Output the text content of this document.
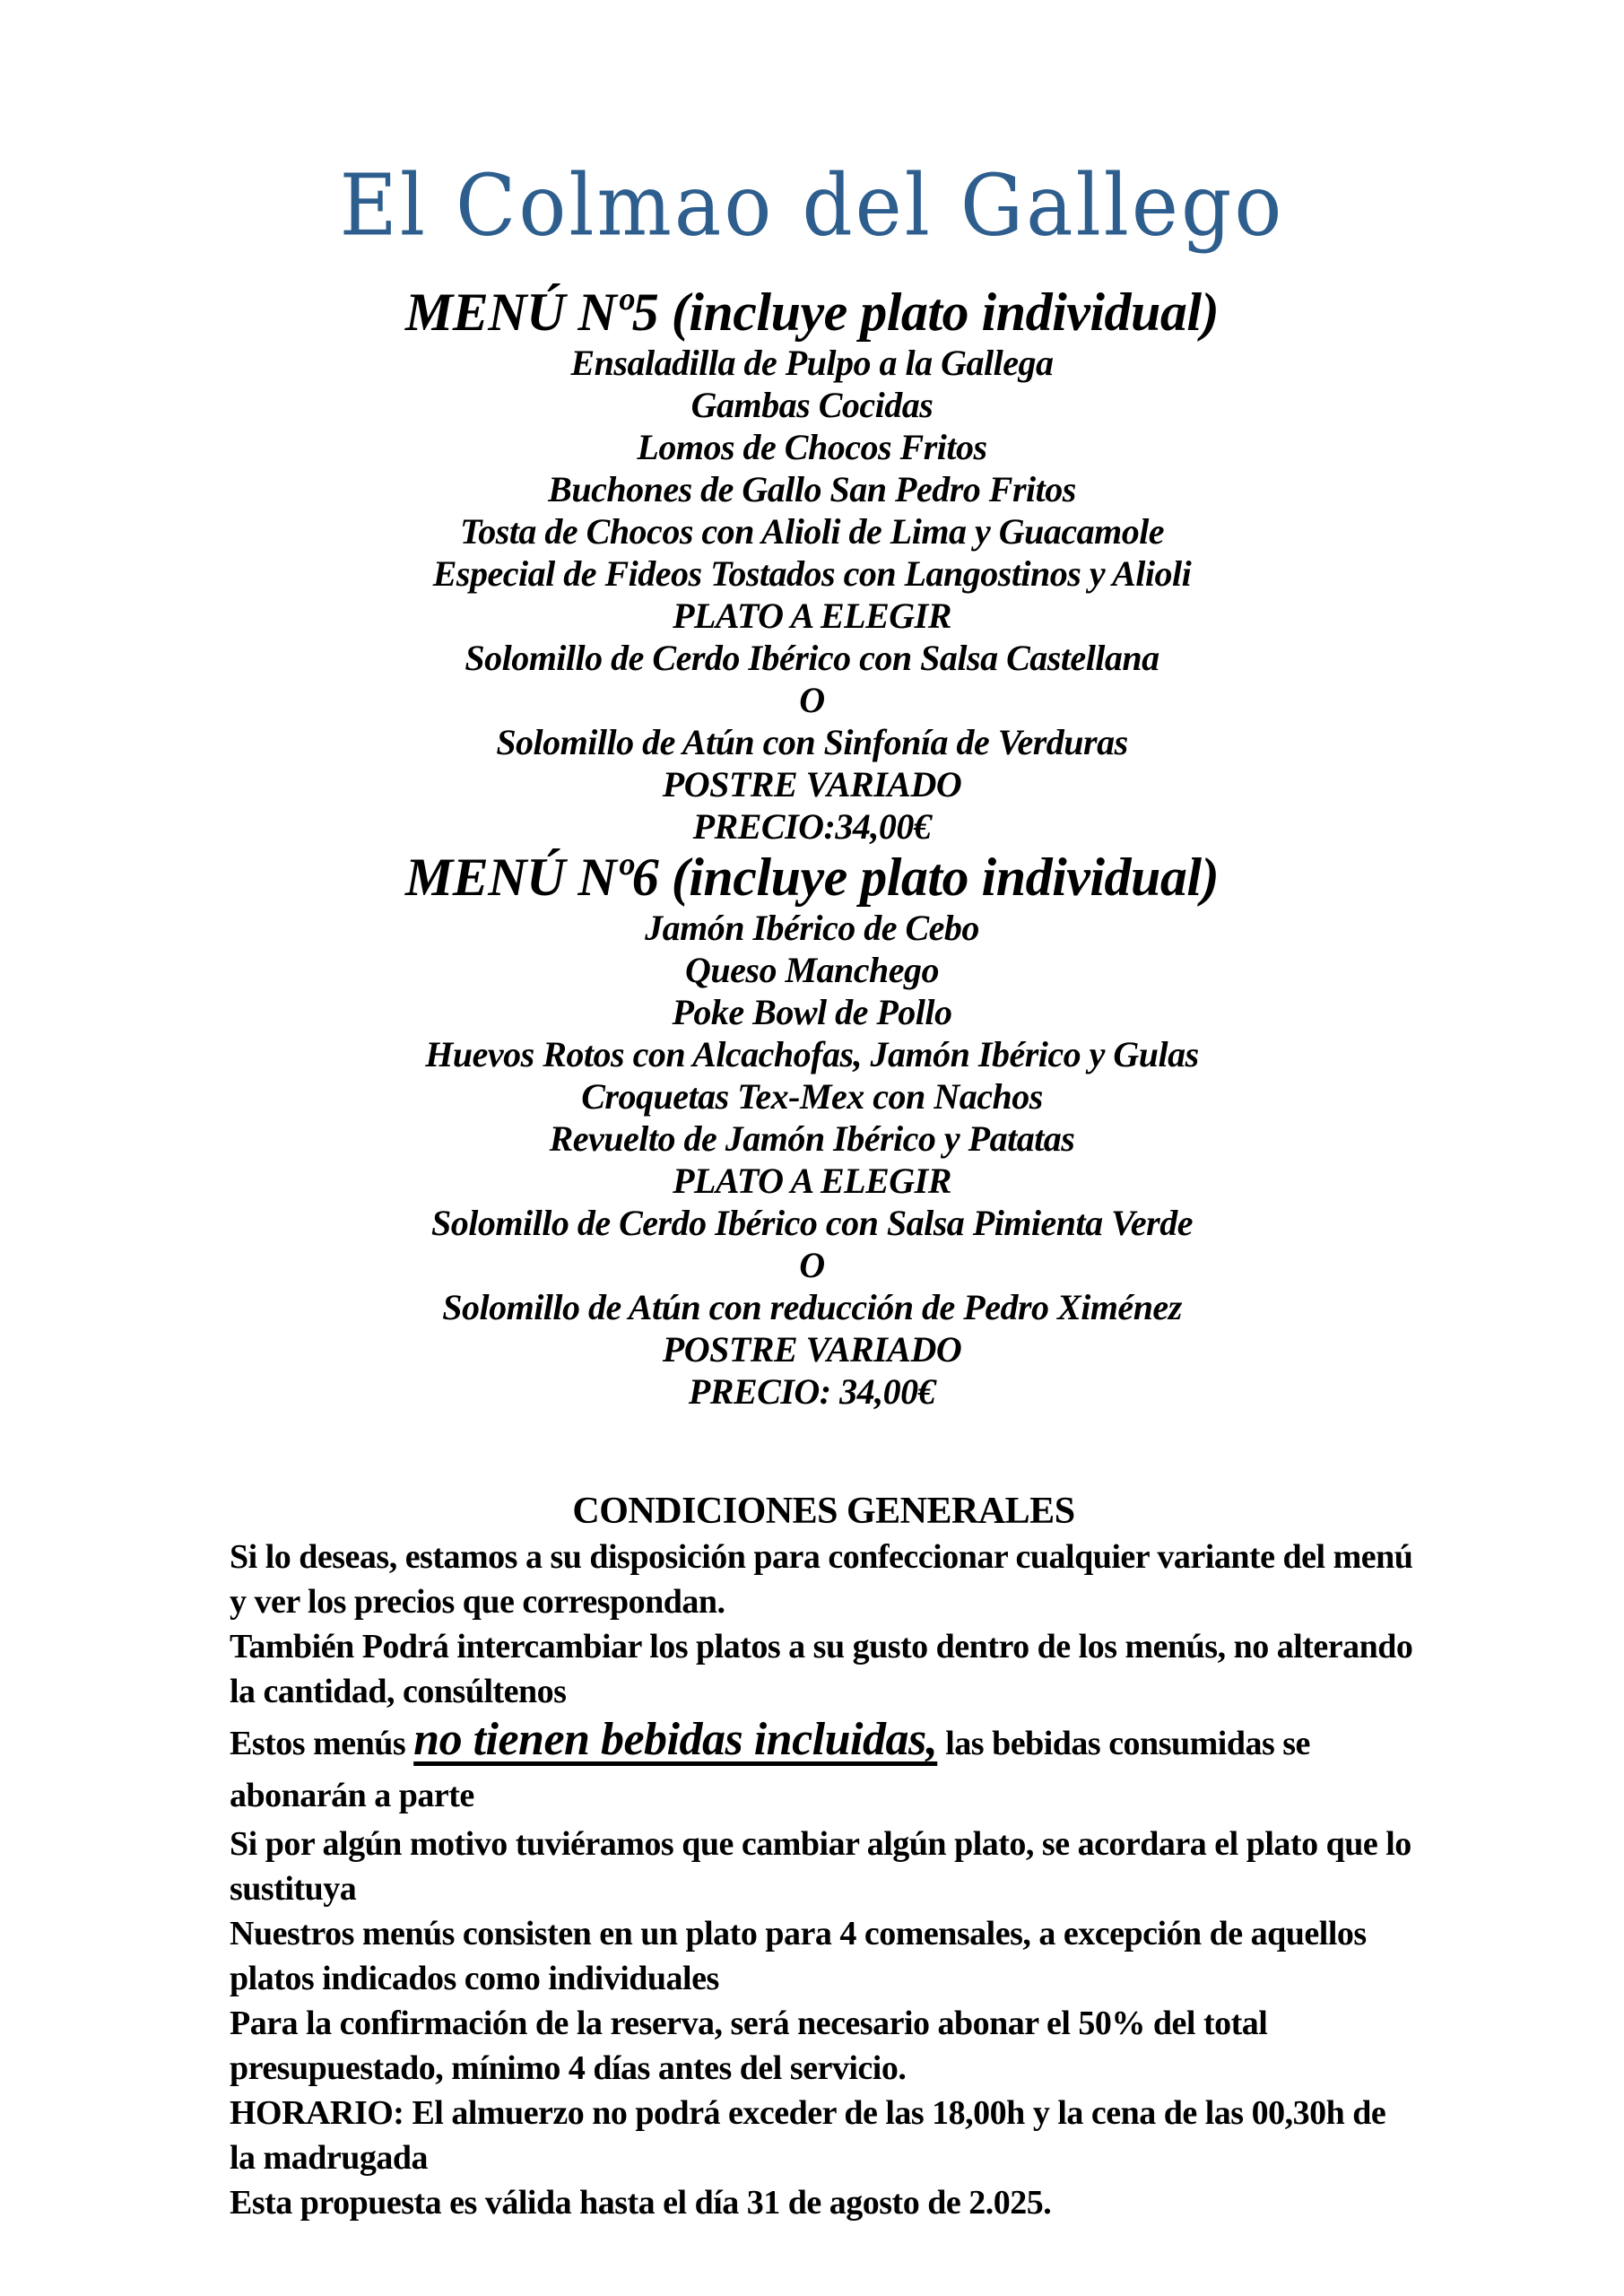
El Colmao del Gallego
MENÚ Nº5 (incluye plato individual)
Ensaladilla de Pulpo a la Gallega
Gambas Cocidas
Lomos de Chocos Fritos
Buchones de Gallo San Pedro Fritos
Tosta de Chocos con Alioli de Lima y Guacamole
Especial de Fideos Tostados con Langostinos y Alioli
PLATO A ELEGIR
Solomillo de Cerdo Ibérico con Salsa Castellana
O
Solomillo de Atún con Sinfonía de Verduras
POSTRE VARIADO
PRECIO:34,00€
MENÚ Nº6 (incluye plato individual)
Jamón Ibérico de Cebo
Queso Manchego
Poke Bowl de Pollo
Huevos Rotos con Alcachofas, Jamón Ibérico y Gulas
Croquetas Tex-Mex con Nachos
Revuelto de Jamón Ibérico y Patatas
PLATO A ELEGIR
Solomillo de Cerdo Ibérico con Salsa Pimienta Verde
O
Solomillo de Atún con reducción de Pedro Ximénez
POSTRE VARIADO
PRECIO: 34,00€
CONDICIONES GENERALES

Si lo deseas, estamos a su disposición para confeccionar cualquier variante del menú y ver los precios que correspondan.

También Podrá intercambiar los platos a su gusto dentro de los menús, no alterando la cantidad, consúltenos

Estos menús no tienen bebidas incluidas, las bebidas consumidas se abonarán a parte

Si por algún motivo tuviéramos que cambiar algún plato, se acordara el plato que lo sustituya

Nuestros menús consisten en un plato para 4 comensales, a excepción de aquellos platos indicados como individuales

Para la confirmación de la reserva, será necesario abonar el 50% del total presupuestado, mínimo 4 días antes del servicio.

HORARIO: El almuerzo no podrá exceder de las 18,00h y la cena de las 00,30h de la madrugada

Esta propuesta es válida hasta el día 31 de agosto de 2.025.
